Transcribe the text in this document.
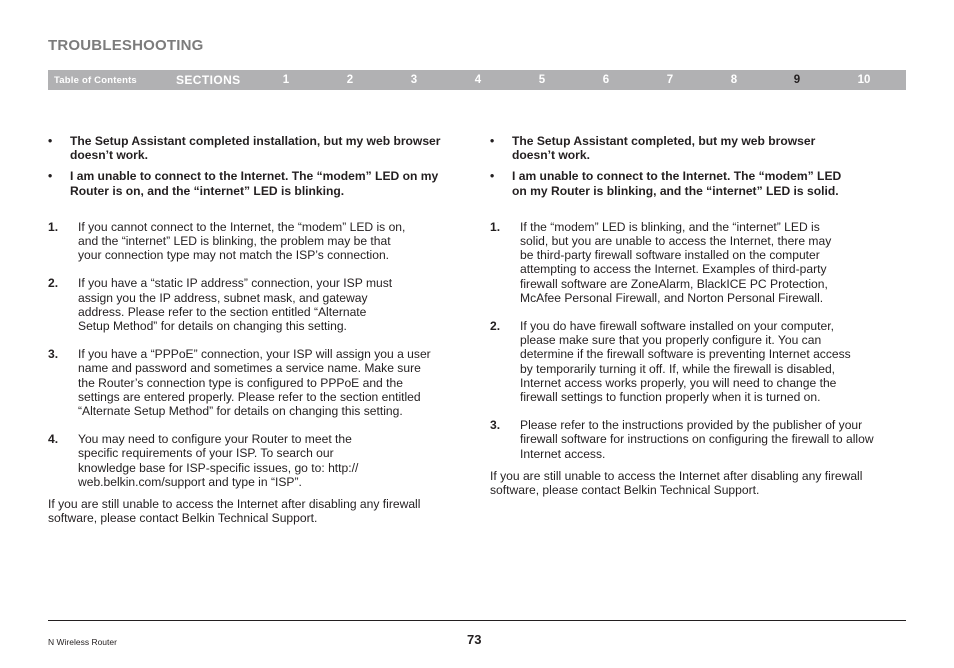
TROUBLESHOOTING
Table of Contents	SECTIONS	1	2	3	4	5	6	7	8	9	10
• The Setup Assistant completed installation, but my web browser doesn’t work.
• I am unable to connect to the Internet. The “modem” LED on my Router is on, and the “internet” LED is blinking.
1. If you cannot connect to the Internet, the “modem” LED is on,
and the “internet” LED is blinking, the problem may be that
your connection type may not match the ISP’s connection.
2. If you have a “static IP address” connection, your ISP must
assign you the IP address, subnet mask, and gateway
address. Please refer to the section entitled “Alternate
Setup Method” for details on changing this setting.
3. If you have a “PPPoE” connection, your ISP will assign you a user
name and password and sometimes a service name. Make sure
the Router’s connection type is configured to PPPoE and the
settings are entered properly. Please refer to the section entitled
“Alternate Setup Method” for details on changing this setting.
4. You may need to configure your Router to meet the
specific requirements of your ISP. To search our
knowledge base for ISP-specific issues, go to: http://
web.belkin.com/support and type in “ISP”.
If you are still unable to access the Internet after disabling any firewall
software, please contact Belkin Technical Support.
• The Setup Assistant completed, but my web browser
doesn’t work.
• I am unable to connect to the Internet. The “modem” LED
on my Router is blinking, and the “internet” LED is solid.
1. If the “modem” LED is blinking, and the “internet” LED is
solid, but you are unable to access the Internet, there may
be third-party firewall software installed on the computer
attempting to access the Internet. Examples of third-party
firewall software are ZoneAlarm, BlackICE PC Protection,
McAfee Personal Firewall, and Norton Personal Firewall.
2. If you do have firewall software installed on your computer,
please make sure that you properly configure it. You can
determine if the firewall software is preventing Internet access
by temporarily turning it off. If, while the firewall is disabled,
Internet access works properly, you will need to change the
firewall settings to function properly when it is turned on.
3. Please refer to the instructions provided by the publisher of your
firewall software for instructions on configuring the firewall to allow
Internet access.
If you are still unable to access the Internet after disabling any firewall
software, please contact Belkin Technical Support.
N Wireless Router	73
